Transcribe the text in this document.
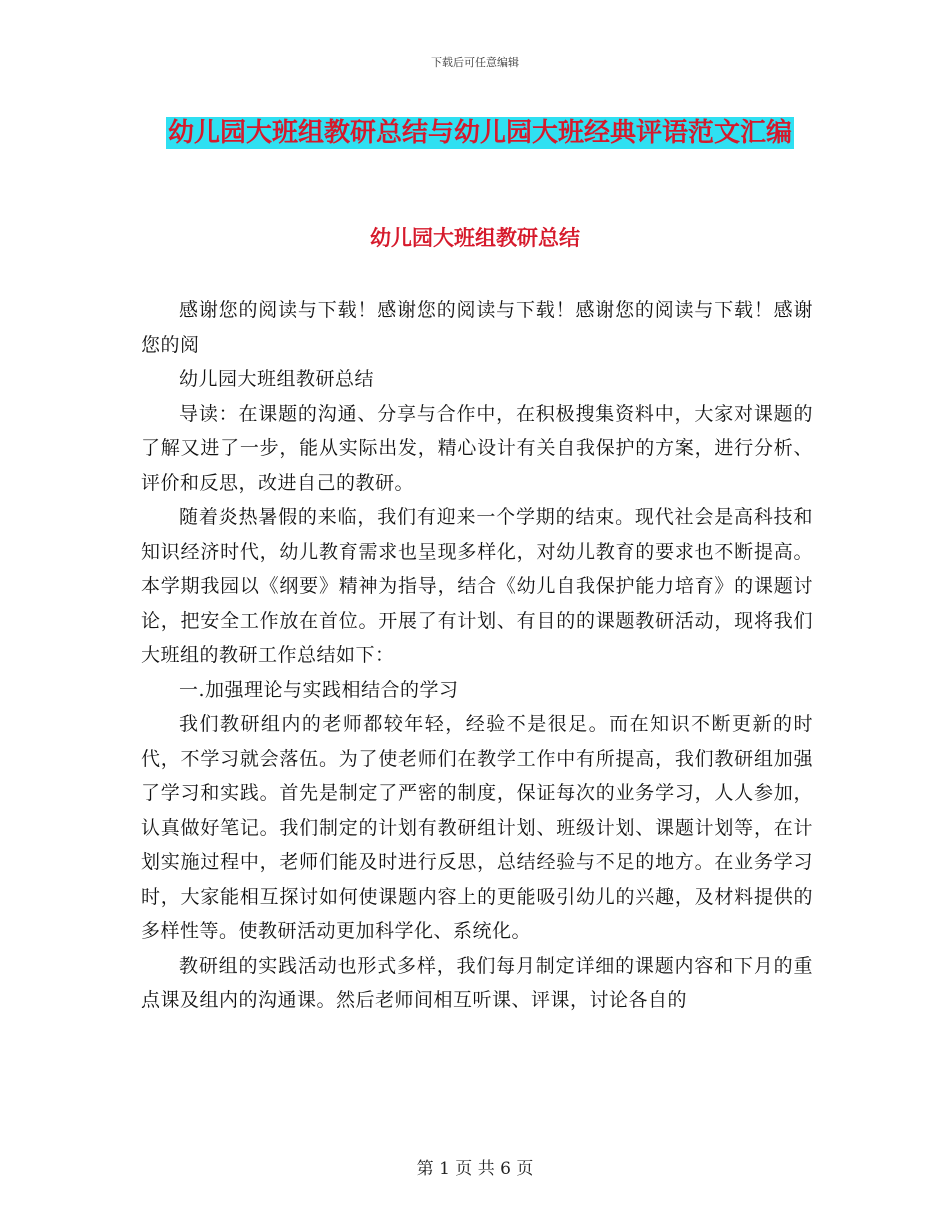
下载后可任意编辑
幼儿园大班组教研总结与幼儿园大班经典评语范文汇编
幼儿园大班组教研总结

感谢您的阅读与下载！感谢您的阅读与下载！感谢您的阅读与下载！感谢您的阅

幼儿园大班组教研总结

导读：在课题的沟通、分享与合作中，在积极搜集资料中，大家对课题的了解又进了一步，能从实际出发，精心设计有关自我保护的方案，进行分析、评价和反思，改进自己的教研。

随着炎热暑假的来临，我们有迎来一个学期的结束。现代社会是高科技和知识经济时代，幼儿教育需求也呈现多样化，对幼儿教育的要求也不断提高。本学期我园以《纲要》精神为指导，结合《幼儿自我保护能力培育》的课题讨论，把安全工作放在首位。开展了有计划、有目的的课题教研活动，现将我们大班组的教研工作总结如下：

一.加强理论与实践相结合的学习

我们教研组内的老师都较年轻，经验不是很足。而在知识不断更新的时代，不学习就会落伍。为了使老师们在教学工作中有所提高，我们教研组加强了学习和实践。首先是制定了严密的制度，保证每次的业务学习，人人参加，认真做好笔记。我们制定的计划有教研组计划、班级计划、课题计划等，在计划实施过程中，老师们能及时进行反思，总结经验与不足的地方。在业务学习时，大家能相互探讨如何使课题内容上的更能吸引幼儿的兴趣，及材料提供的多样性等。使教研活动更加科学化、系统化。

教研组的实践活动也形式多样，我们每月制定详细的课题内容和下月的重点课及组内的沟通课。然后老师间相互听课、评课，讨论各自的

第 1 页 共 6 页
